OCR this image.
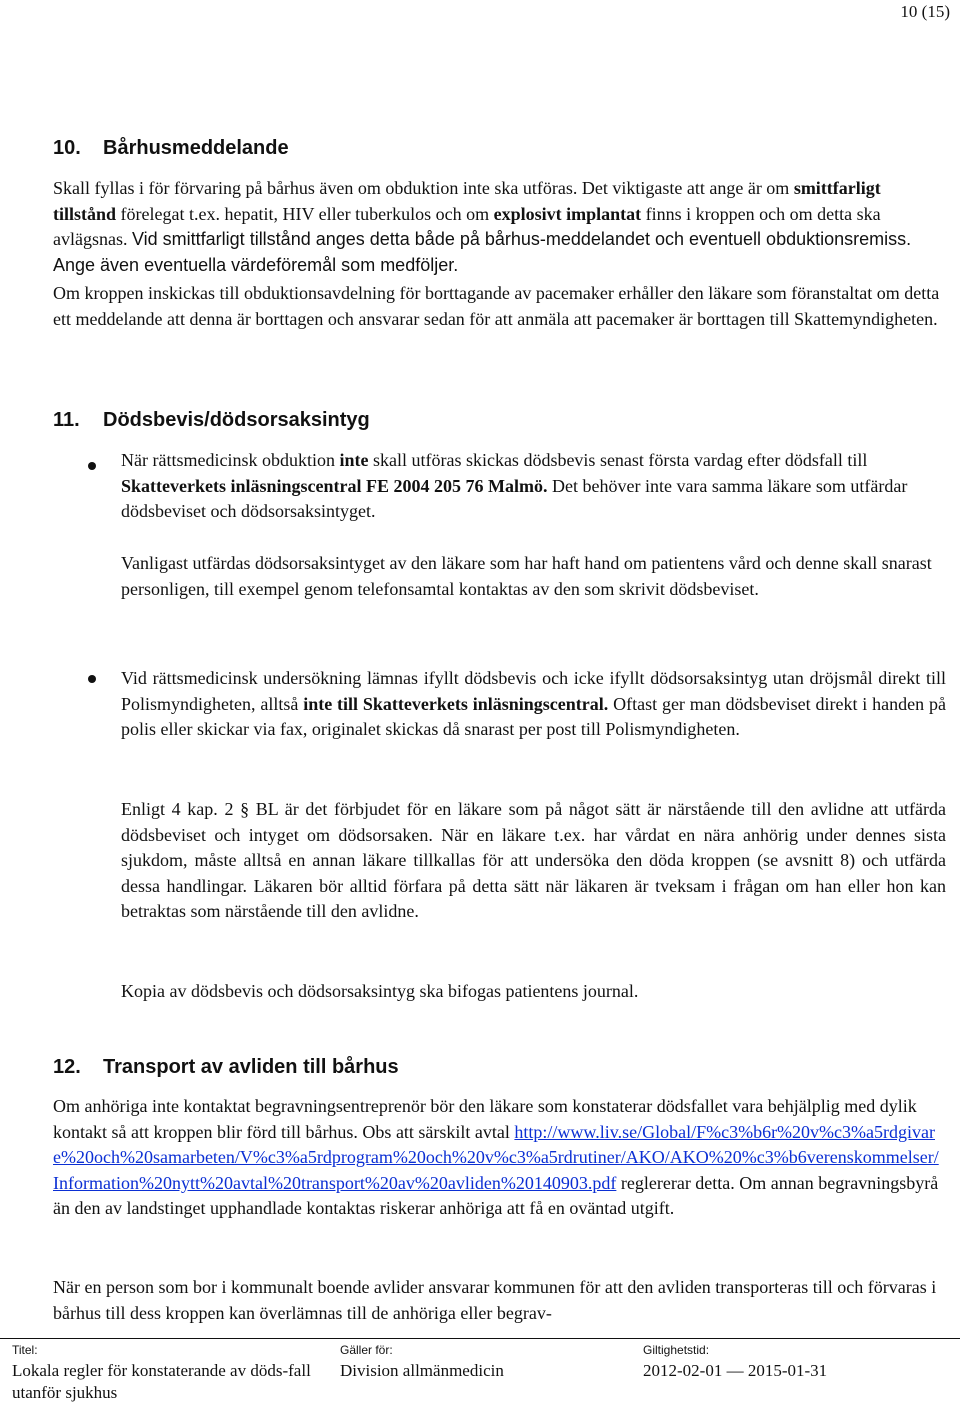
10 (15)
10. Bårhusmeddelande

Skall fyllas i för förvaring på bårhus även om obduktion inte ska utföras. Det viktigaste att ange är om smittfarligt tillstånd förelegat t.ex. hepatit, HIV eller tuberkulos och om explosivt implantat finns i kroppen och om detta ska avlägsnas. Vid smittfarligt tillstånd anges detta både på bårhus-meddelandet och eventuell obduktionsremiss. Ange även eventuella värdeföremål som medföljer.

Om kroppen inskickas till obduktionsavdelning för borttagande av pacemaker erhåller den läkare som föranstaltat om detta ett meddelande att denna är borttagen och ansvarar sedan för att anmäla att pacemaker är borttagen till Skattemyndigheten.

11. Dödsbevis/dödsorsaksintyg

När rättsmedicinsk obduktion inte skall utföras skickas dödsbevis senast första vardag efter dödsfall till Skatteverkets inläsningscentral FE 2004 205 76 Malmö. Det behöver inte vara samma läkare som utfärdar dödsbeviset och dödsorsaksintyget.

Vanligast utfärdas dödsorsaksintyget av den läkare som har haft hand om patientens vård och denne skall snarast personligen, till exempel genom telefonsamtal kontaktas av den som skrivit dödsbeviset.

Vid rättsmedicinsk undersökning lämnas ifyllt dödsbevis och icke ifyllt dödsorsaksintyg utan dröjsmål direkt till Polismyndigheten, alltså inte till Skatteverkets inläsningscentral. Oftast ger man dödsbeviset direkt i handen på polis eller skickar via fax, originalet skickas då snarast per post till Polismyndigheten.

Enligt 4 kap. 2 § BL är det förbjudet för en läkare som på något sätt är närstående till den avlidne att utfärda dödsbeviset och intyget om dödsorsaken. När en läkare t.ex. har vårdat en nära anhörig under dennes sista sjukdom, måste alltså en annan läkare tillkallas för att undersöka den döda kroppen (se avsnitt 8) och utfärda dessa handlingar. Läkaren bör alltid förfara på detta sätt när läkaren är tveksam i frågan om han eller hon kan betraktas som närstående till den avlidne.

Kopia av dödsbevis och dödsorsaksintyg ska bifogas patientens journal.

12. Transport av avliden till bårhus

Om anhöriga inte kontaktat begravningsentreprenör bör den läkare som konstaterar dödsfallet vara behjälplig med dylik kontakt så att kroppen blir förd till bårhus. Obs att särskilt avtal http://www.liv.se/Global/F%c3%b6r%20v%c3%a5rdgivare%20och%20samarbeten/V%c3%a5rdprogram%20och%20v%c3%a5rdrutiner/AKO/AKO%20%c3%b6verenskommelser/Information%20nytt%20avtal%20transport%20av%20avliden%20140903.pdf reglererar detta. Om annan begravningsbyrå än den av landstinget upphandlade kontaktas riskerar anhöriga att få en oväntad utgift.

När en person som bor i kommunalt boende avlider ansvarar kommunen för att den avliden transporteras till och förvaras i bårhus till dess kroppen kan överlämnas till de anhöriga eller begrav-

Titel:
Lokala regler för konstaterande av döds-fall utanför sjukhus
Gäller för:
Division allmänmedicin
Giltighetstid:
2012-02-01 — 2015-01-31
